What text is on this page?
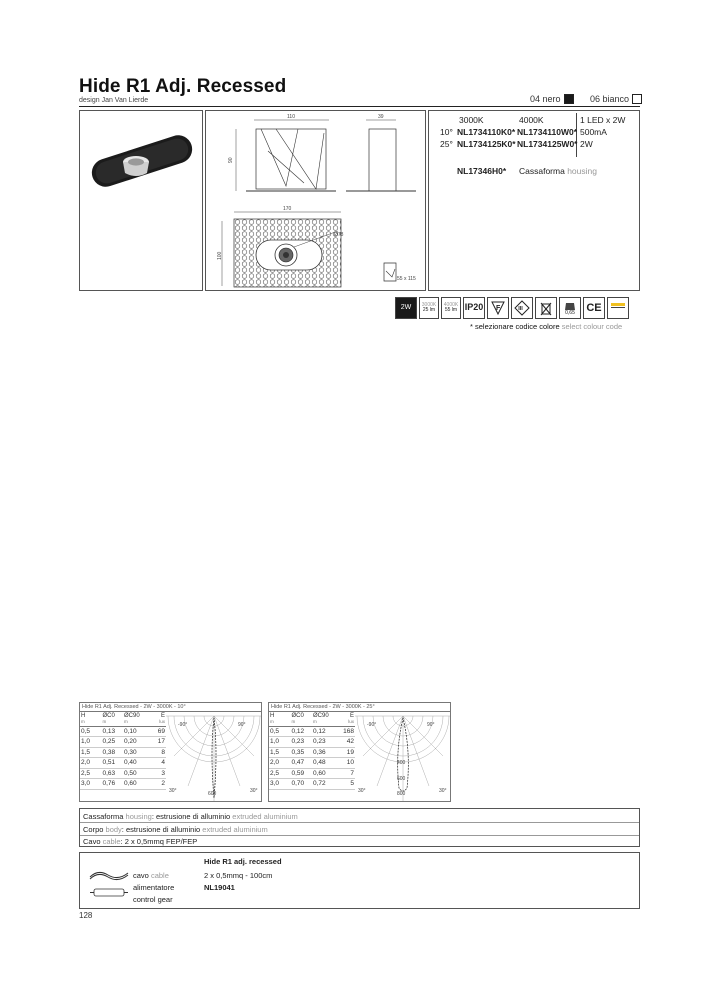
Hide R1 Adj. Recessed
design Jan Van Lierde	04 nero	06 bianco
110
90
39
170
100
Ø78
55 x 115
3000K	4000K	1 LED x 2W
10° NL1734110K0* NL1734110W0* 500mA
25° NL1734125K0* NL1734125W0* 2W
NL17346H0* Cassaforma housing
2W	3000K
25 lm
4000K
55 lm IP20 F	III
0,65	CE
* selezionare codice colore select colour code
Hide R1 Adj. Recessed - 2W - 3000K - 10°
H
m	ØC0
m	ØC90
m	E
lux

0,5	0,13	0,10	69
1,0	0,25	0,20	17
1,5	0,38	0,30	8
2,0	0,51	0,40	4
2,5	0,63	0,50	3
3,0	0,76	0,60	2
-90°	90°
30°	30°
600
Hide R1 Adj. Recessed - 2W - 3000K - 25°
H
m	ØC0
m	ØC90
m	E
lux

0,5	0,12	0,12	168
1,0	0,23	0,23	42
1,5	0,35	0,36	19
2,0	0,47	0,48	10
2,5	0,59	0,60	7
3,0	0,70	0,72	5
-90°	90°
30°	30°
400
600
800
Cassaforma housing: estrusione di alluminio extruded aluminium
Corpo body: estrusione di alluminio extruded aluminium
Cavo cable: 2 x 0,5mmq FEP/FEP
Hide R1 adj. recessed
cavo cable	2 x 0,5mmq - 100cm
alimentatore	NL19041
control gear
128
